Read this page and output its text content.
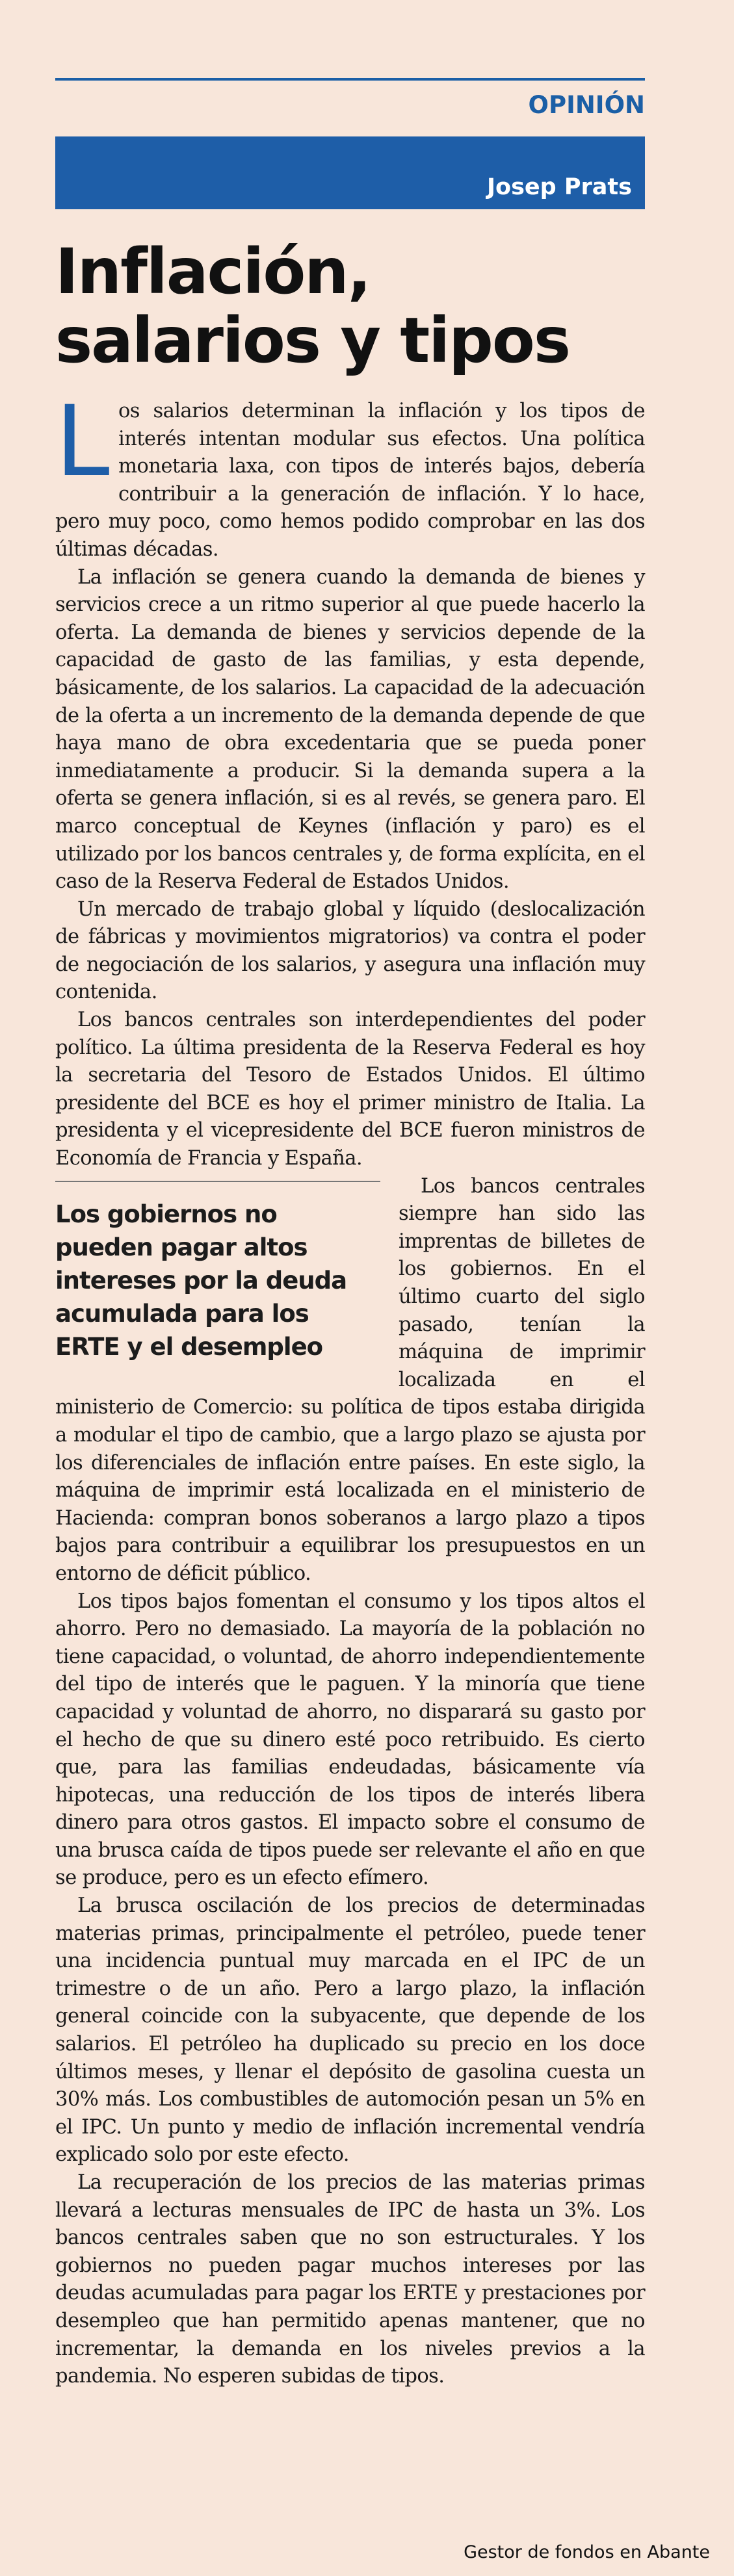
OPINIÓN
Josep Prats
Inflación, salarios y tipos

Los salarios determinan la inflación y los tipos de interés intentan modular sus efectos. Una política monetaria laxa, con tipos de interés bajos, debería contribuir a la generación de inflación. Y lo hace, pero muy poco, como hemos podido comprobar en las dos últimas décadas.

La inflación se genera cuando la demanda de bienes y servicios crece a un ritmo superior al que puede hacerlo la oferta. La demanda de bienes y servicios depende de la capacidad de gasto de las familias, y esta depende, básicamente, de los salarios. La capacidad de la adecuación de la oferta a un incremento de la demanda depende de que haya mano de obra excedentaria que se pueda poner inmediatamente a producir. Si la demanda supera a la oferta se genera inflación, si es al revés, se genera paro. El marco conceptual de Keynes (inflación y paro) es el utilizado por los bancos centrales y, de forma explícita, en el caso de la Reserva Federal de Estados Unidos.

Un mercado de trabajo global y líquido (deslocalización de fábricas y movimientos migratorios) va contra el poder de negociación de los salarios, y asegura una inflación muy contenida.

Los bancos centrales son interdependientes del poder político. La última presidenta de la Reserva Federal es hoy la secretaria del Tesoro de Estados Unidos. El último presidente del BCE es hoy el primer ministro de Italia. La presidenta y el vicepresidente del BCE fueron ministros de Economía de Francia y España.

Los gobiernos no pueden pagar altos intereses por la deuda acumulada para los ERTE y el desempleo

Los bancos centrales siempre han sido las imprentas de billetes de los gobiernos. En el último cuarto del siglo pasado, tenían la máquina de imprimir localizada en el ministerio de Comercio: su política de tipos estaba dirigida a modular el tipo de cambio, que a largo plazo se ajusta por los diferenciales de inflación entre países. En este siglo, la máquina de imprimir está localizada en el ministerio de Hacienda: compran bonos soberanos a largo plazo a tipos bajos para contribuir a equilibrar los presupuestos en un entorno de déficit público.

Los tipos bajos fomentan el consumo y los tipos altos el ahorro. Pero no demasiado. La mayoría de la población no tiene capacidad, o voluntad, de ahorro independientemente del tipo de interés que le paguen. Y la minoría que tiene capacidad y voluntad de ahorro, no disparará su gasto por el hecho de que su dinero esté poco retribuido. Es cierto que, para las familias endeudadas, básicamente vía hipotecas, una reducción de los tipos de interés libera dinero para otros gastos. El impacto sobre el consumo de una brusca caída de tipos puede ser relevante el año en que se produce, pero es un efecto efímero.

La brusca oscilación de los precios de determinadas materias primas, principalmente el petróleo, puede tener una incidencia puntual muy marcada en el IPC de un trimestre o de un año. Pero a largo plazo, la inflación general coincide con la subyacente, que depende de los salarios. El petróleo ha duplicado su precio en los doce últimos meses, y llenar el depósito de gasolina cuesta un 30% más. Los combustibles de automoción pesan un 5% en el IPC. Un punto y medio de inflación incremental vendría explicado solo por este efecto.

La recuperación de los precios de las materias primas llevará a lecturas mensuales de IPC de hasta un 3%. Los bancos centrales saben que no son estructurales. Y los gobiernos no pueden pagar muchos intereses por las deudas acumuladas para pagar los ERTE y prestaciones por desempleo que han permitido apenas mantener, que no incrementar, la demanda en los niveles previos a la pandemia. No esperen subidas de tipos.

Gestor de fondos en Abante
